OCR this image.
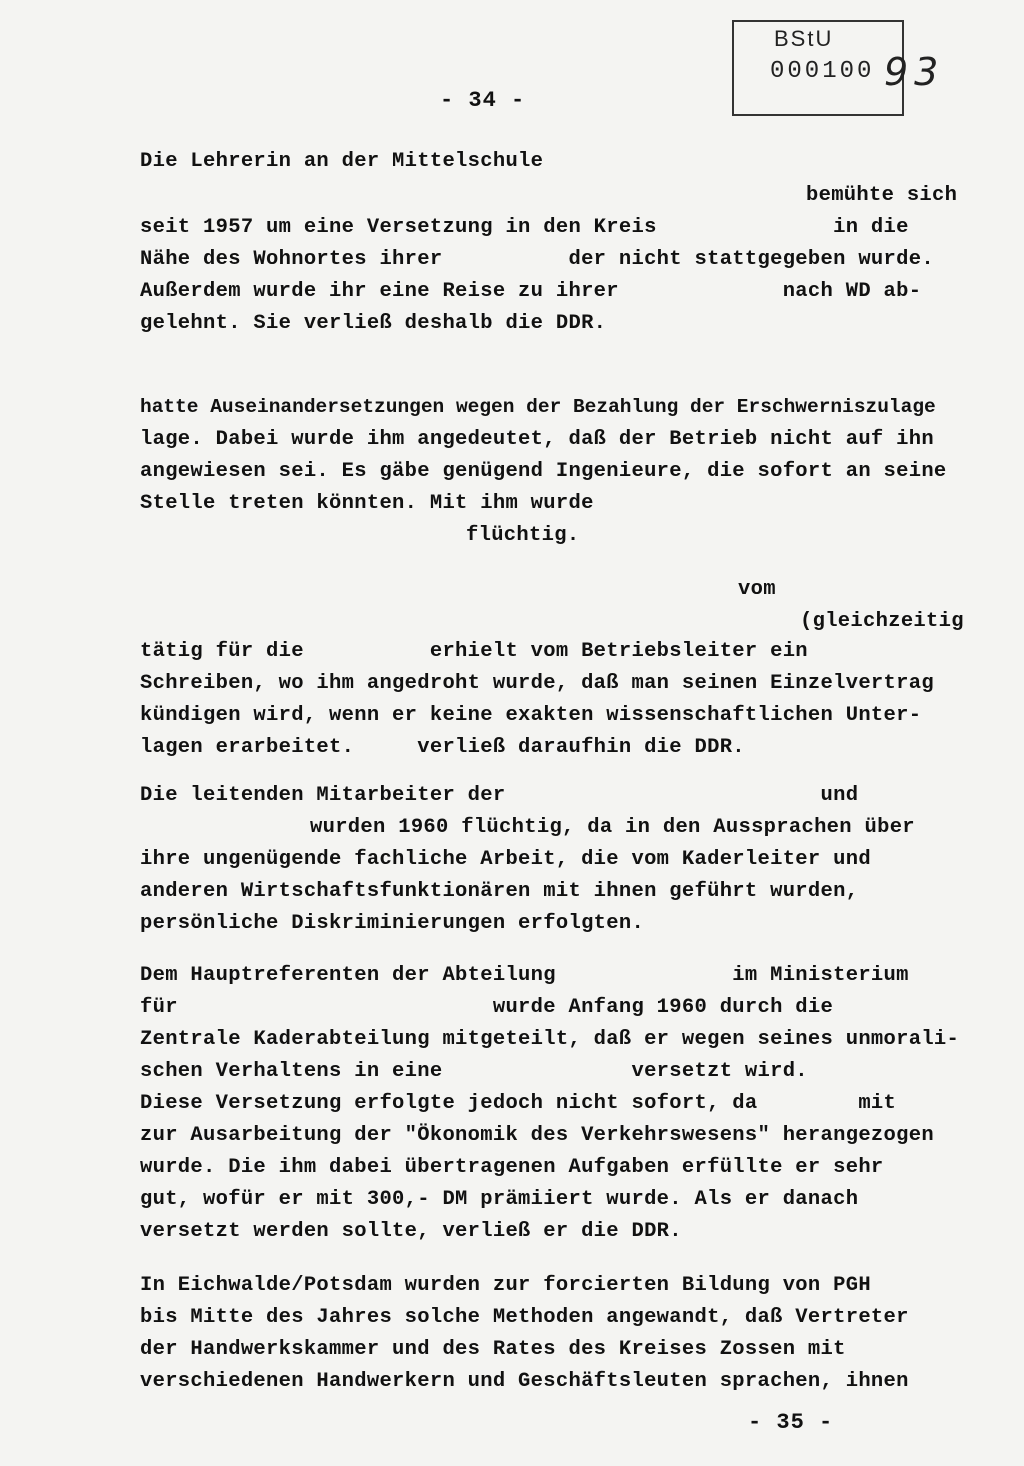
BStU
000100 93
- 34 -
Die Lehrerin an der Mittelschule
bemühte sich
seit 1957 um eine Versetzung in den Kreis              in die
Nähe des Wohnortes ihrer          der nicht stattgegeben wurde.
Außerdem wurde ihr eine Reise zu ihrer             nach WD ab-
gelehnt. Sie verließ deshalb die DDR.
hatte Auseinandersetzungen wegen der Bezahlung der Erschwerniszulage
lage. Dabei wurde ihm angedeutet, daß der Betrieb nicht auf ihn
angewiesen sei. Es gäbe genügend Ingenieure, die sofort an seine
Stelle treten könnten. Mit ihm wurde
flüchtig.
vom
(gleichzeitig
tätig für die          erhielt vom Betriebsleiter ein
Schreiben, wo ihm angedroht wurde, daß man seinen Einzelvertrag
kündigen wird, wenn er keine exakten wissenschaftlichen Unter-
lagen erarbeitet.     verließ daraufhin die DDR.
Die leitenden Mitarbeiter der                         und
wurden 1960 flüchtig, da in den Aussprachen über
ihre ungenügende fachliche Arbeit, die vom Kaderleiter und
anderen Wirtschaftsfunktionären mit ihnen geführt wurden,
persönliche Diskriminierungen erfolgten.
Dem Hauptreferenten der Abteilung              im Ministerium
für                         wurde Anfang 1960 durch die
Zentrale Kaderabteilung mitgeteilt, daß er wegen seines unmorali-
schen Verhaltens in eine               versetzt wird.
Diese Versetzung erfolgte jedoch nicht sofort, da        mit
zur Ausarbeitung der "Ökonomik des Verkehrswesens" herangezogen
wurde. Die ihm dabei übertragenen Aufgaben erfüllte er sehr
gut, wofür er mit 300,- DM prämiiert wurde. Als er danach
versetzt werden sollte, verließ er die DDR.
In Eichwalde/Potsdam wurden zur forcierten Bildung von PGH
bis Mitte des Jahres solche Methoden angewandt, daß Vertreter
der Handwerkskammer und des Rates des Kreises Zossen mit
verschiedenen Handwerkern und Geschäftsleuten sprachen, ihnen
- 35 -
